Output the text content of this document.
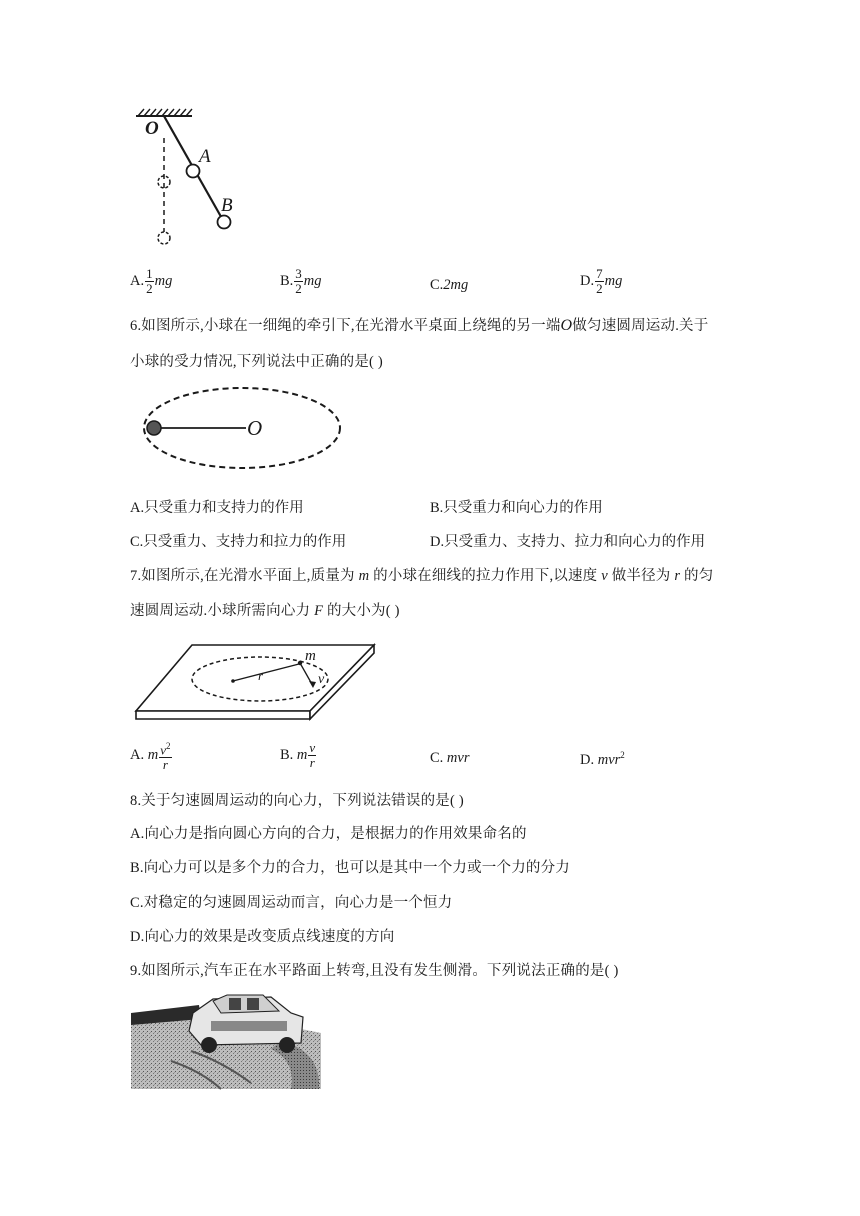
O
A
B
A. $\frac{1}{2}$ mg	B. $\frac{3}{2}$ mg	C.2mg	D. $\frac{7}{2}$ mg
6.如图所示,小球在一细绳的牵引下,在光滑水平桌面上绕绳的另一端O做匀速圆周运动.关于
小球的受力情况,下列说法中正确的是( )
O
A.只受重力和支持力的作用	B.只受重力和向心力的作用
C.只受重力、支持力和拉力的作用	D.只受重力、支持力、拉力和向心力的作用
7.如图所示,在光滑水平面上,质量为 m 的小球在细线的拉力作用下,以速度 v 做半径为 r 的匀
速圆周运动.小球所需向心力 F 的大小为( )
m
r	v
A. m $\frac{v^2}{r}$	B. m $\frac{v}{r}$	C. mvr	D. mvr$^2$
8.关于匀速圆周运动的向心力，下列说法错误的是( )
A.向心力是指向圆心方向的合力，是根据力的作用效果命名的
B.向心力可以是多个力的合力，也可以是其中一个力或一个力的分力
C.对稳定的匀速圆周运动而言，向心力是一个恒力
D.向心力的效果是改变质点线速度的方向
9.如图所示,汽车正在水平路面上转弯,且没有发生侧滑。下列说法正确的是( )
